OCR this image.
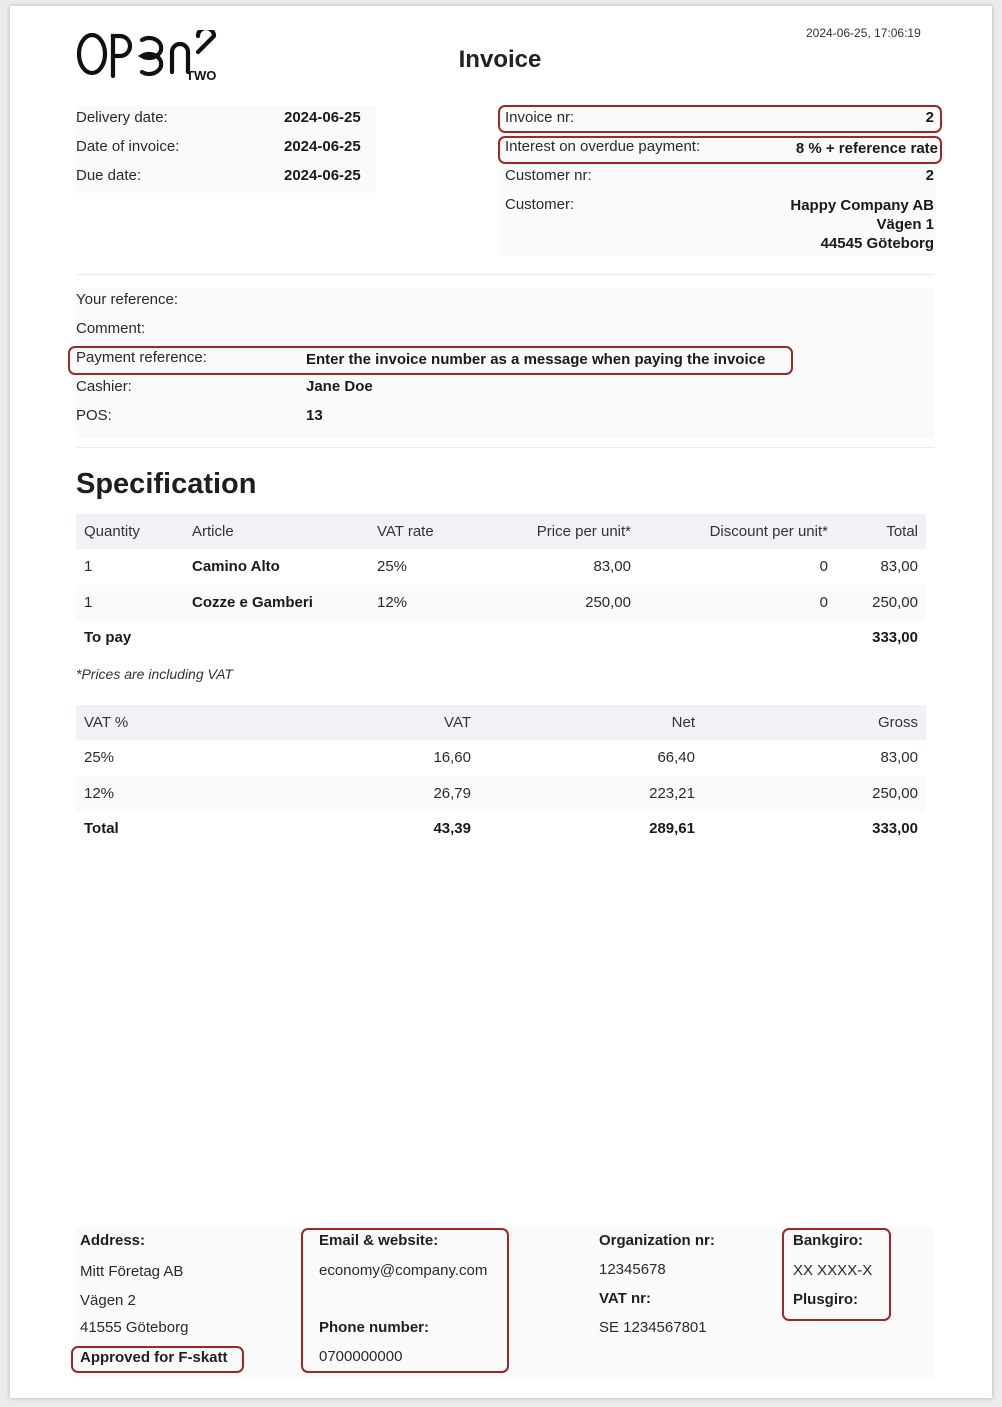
TWO
2024-06-25, 17:06:19
Invoice
Delivery date:	2024-06-25
Date of invoice:	2024-06-25
Due date:	2024-06-25
Invoice nr:	2
Interest on overdue payment:	8 % + reference rate
Customer nr:	2
Customer:	Happy Company AB
Vägen 1
44545 Göteborg
Your reference:
Comment:
Payment reference:	Enter the invoice number as a message when paying the invoice
Cashier:	Jane Doe
POS:	13
Specification
Quantity	Article	VAT rate	Price per unit*	Discount per unit*	Total
1	Camino Alto	25%	83,00	0	83,00
1	Cozze e Gamberi	12%	250,00	0	250,00
To pay					333,00
*Prices are including VAT
VAT %	VAT	Net	Gross
25%	16,60	66,40	83,00
12%	26,79	223,21	250,00
Total	43,39	289,61	333,00
Address:
Mitt Företag AB
Vägen 2
41555 Göteborg
Approved for F-skatt
Email & website:
economy@company.com
Phone number:
0700000000
Organization nr:
12345678
VAT nr:
SE 1234567801
Bankgiro:
XX XXXX-X
Plusgiro:
